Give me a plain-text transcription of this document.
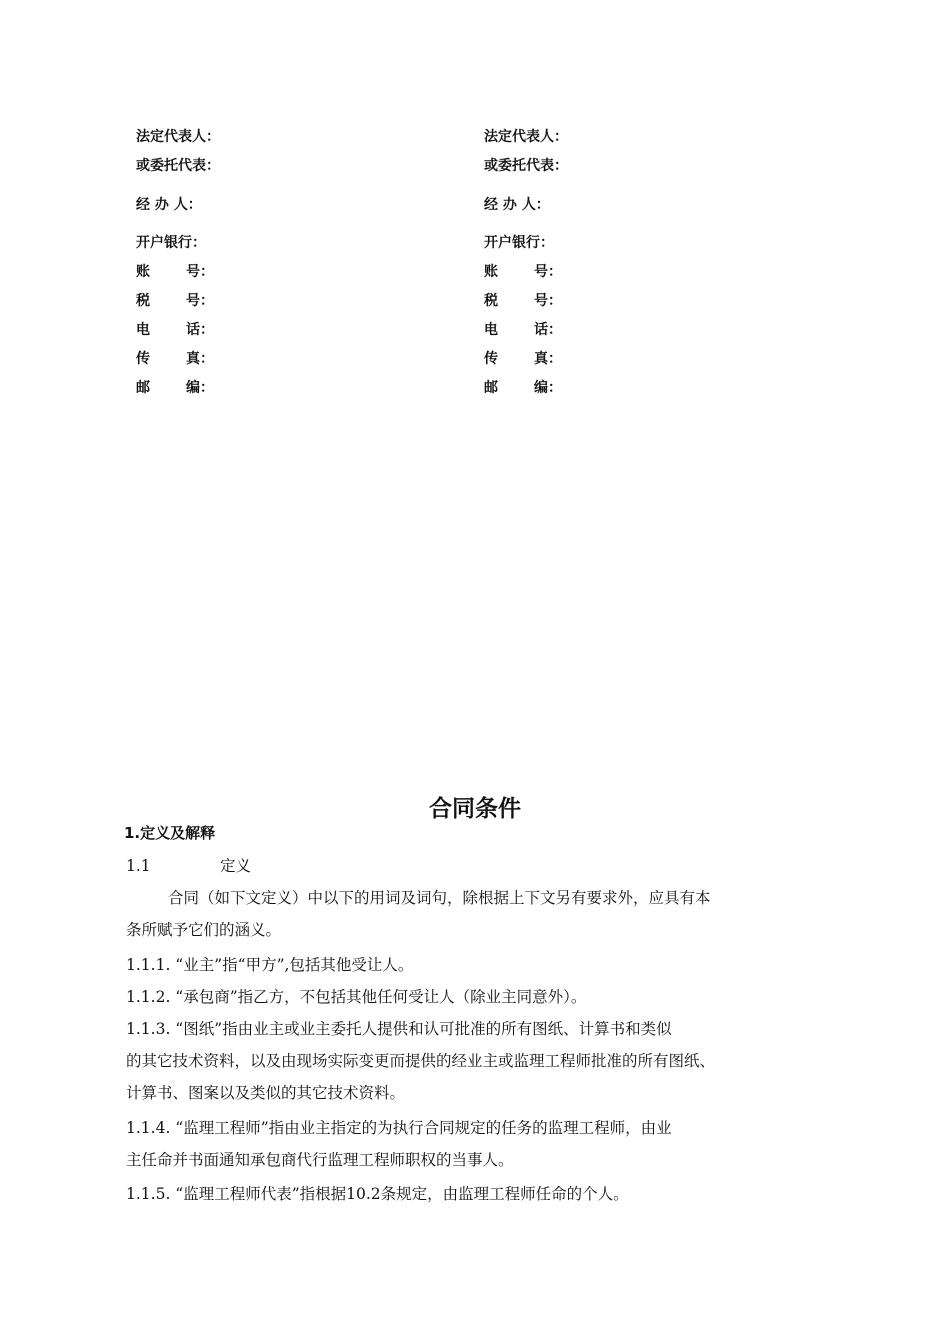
法定代表人：
或委托代表：
经 办 人：
开户银行：
账	号：
税	号：
电	话：
传	真：
邮	编：
法定代表人：
或委托代表：
经 办 人：
开户银行：
账	号：
税	号：
电	话：
传	真：
邮	编：
合同条件
1.定义及解释
1.1	定义
合同（如下文定义）中以下的用词及词句，除根据上下文另有要求外，应具有本
条所赋予它们的涵义。
1.1.1. “业主”指“甲方”,包括其他受让人。
1.1.2. “承包商”指乙方，不包括其他任何受让人（除业主同意外）。
1.1.3. “图纸”指由业主或业主委托人提供和认可批准的所有图纸、计算书和类似
的其它技术资料，以及由现场实际变更而提供的经业主或监理工程师批准的所有图纸、
计算书、图案以及类似的其它技术资料。
1.1.4. “监理工程师”指由业主指定的为执行合同规定的任务的监理工程师，由业
主任命并书面通知承包商代行监理工程师职权的当事人。
1.1.5. “监理工程师代表”指根据10.2条规定，由监理工程师任命的个人。
